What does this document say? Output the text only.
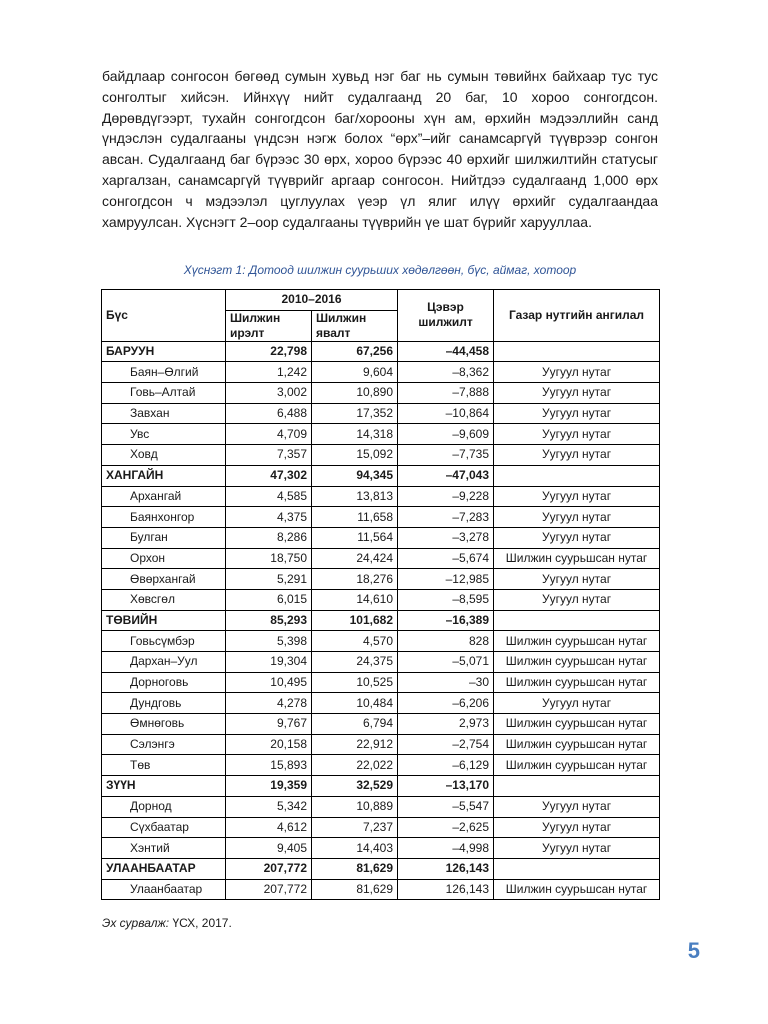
байдлаар сонгосон бөгөөд сумын хувьд нэг баг нь сумын төвийнх байхаар тус тус сонголтыг хийсэн. Ийнхүү нийт судалгаанд 20 баг, 10 хороо сонгогдсон. Дөрөвдүгээрт, тухайн сонгогдсон баг/хорооны хүн ам, өрхийн мэдээллийн санд үндэслэн судалгааны үндсэн нэгж болох “өрх”–ийг санамсаргүй түүврээр сонгон авсан. Судалгаанд баг бүрээс 30 өрх, хороо бүрээс 40 өрхийг шилжилтийн статусыг харгалзан, санамсаргүй түүврийг аргаар сонгосон. Нийтдээ судалгаанд 1,000 өрх сонгогдсон ч мэдээлэл цуглуулах үеэр үл ялиг илүү өрхийг судалгаандаа хамруулсан. Хүснэгт 2–оор судалгааны түүврийн үе шат бүрийг харууллаа.

Хүснэгт 1: Дотоод шилжин суурьших хөдөлгөөн, бүс, аймаг, хотоор
Бүс	2010–2016		Цэвэр шилжилт	Газар нутгийн ангилал
	Шилжин ирэлт	Шилжин явалт		
БАРУУН	22,798	67,256	–44,458	
Баян–Өлгий	1,242	9,604	–8,362	Уугуул нутаг
Говь–Алтай	3,002	10,890	–7,888	Уугуул нутаг
Завхан	6,488	17,352	–10,864	Уугуул нутаг
Увс	4,709	14,318	–9,609	Уугуул нутаг
Ховд	7,357	15,092	–7,735	Уугуул нутаг
ХАНГАЙН	47,302	94,345	–47,043	
Архангай	4,585	13,813	–9,228	Уугуул нутаг
Баянхонгор	4,375	11,658	–7,283	Уугуул нутаг
Булган	8,286	11,564	–3,278	Уугуул нутаг
Орхон	18,750	24,424	–5,674	Шилжин суурьшсан нутаг
Өвөрхангай	5,291	18,276	–12,985	Уугуул нутаг
Хөвсгөл	6,015	14,610	–8,595	Уугуул нутаг
ТӨВИЙН	85,293	101,682	–16,389	
Говьсүмбэр	5,398	4,570	828	Шилжин суурьшсан нутаг
Дархан–Уул	19,304	24,375	–5,071	Шилжин суурьшсан нутаг
Дорноговь	10,495	10,525	–30	Шилжин суурьшсан нутаг
Дундговь	4,278	10,484	–6,206	Уугуул нутаг
Өмнөговь	9,767	6,794	2,973	Шилжин суурьшсан нутаг
Сэлэнгэ	20,158	22,912	–2,754	Шилжин суурьшсан нутаг
Төв	15,893	22,022	–6,129	Шилжин суурьшсан нутаг
ЗҮҮН	19,359	32,529	–13,170	
Дорнод	5,342	10,889	–5,547	Уугуул нутаг
Сүхбаатар	4,612	7,237	–2,625	Уугуул нутаг
Хэнтий	9,405	14,403	–4,998	Уугуул нутаг
УЛААНБААТАР	207,772	81,629	126,143	
Улаанбаатар	207,772	81,629	126,143	Шилжин суурьшсан нутаг
Эх сурвалж: ҮСХ, 2017.
5
